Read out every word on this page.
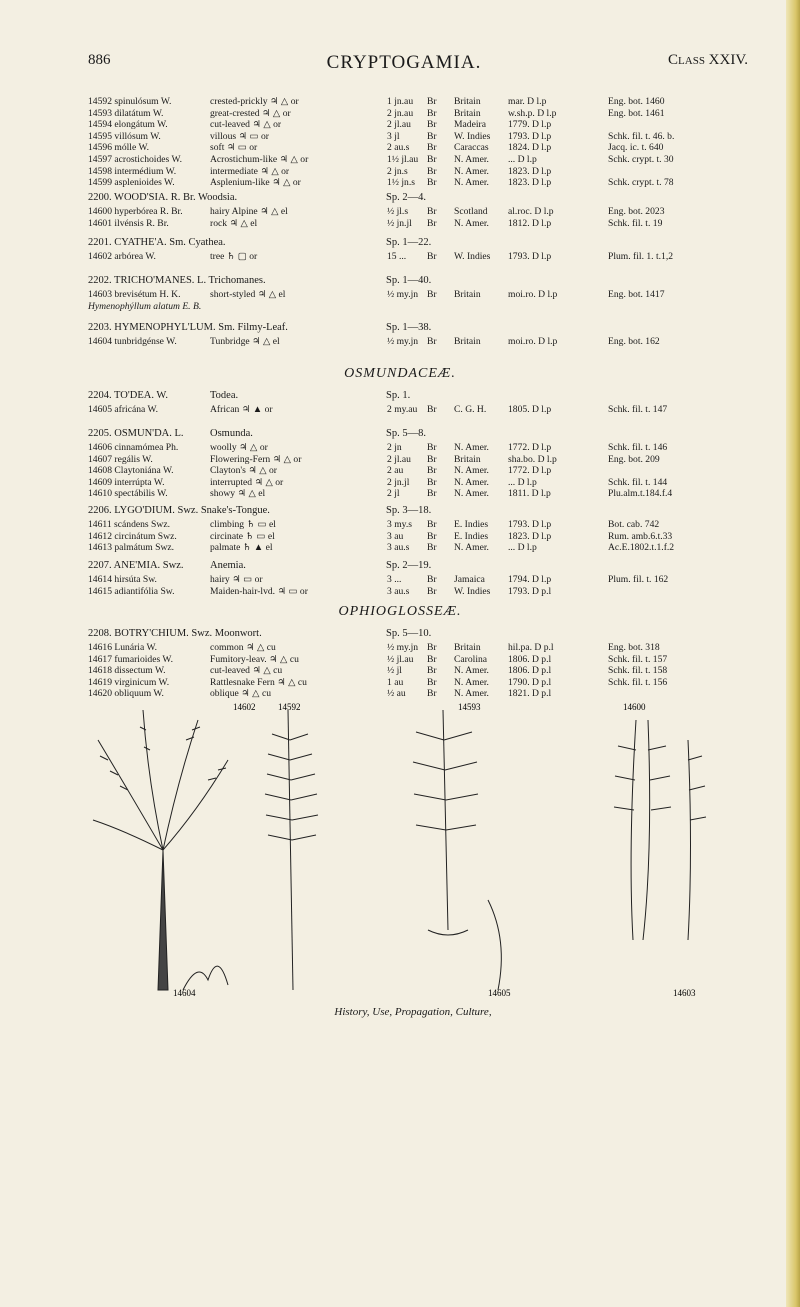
886	CRYPTOGAMIA.	Class XXIV.
14592 spinulósum W.	crested-prickly ♃ △ or	1 jn.au Br Britain	mar. D l.p	Eng. bot. 1460
14593 dilatátum W.	great-crested ♃ △ or	2 jn.au Br Britain	w.sh.p. D l.p	Eng. bot. 1461
14594 elongátum W.	cut-leaved ♃ △ or	2 jl.au Br Madeira 1779. D l.p
14595 villósum W.	villous ♃ ▭ or	3 jl	Br W. Indies 1793. D l.p	Schk. fil. t. 46. b.
14596 mólle W.	soft ♃ ▭ or	2 au.s Br Caraccas 1824. D l.p	Jacq. ic. t. 640
14597 acrostichoides W.	Acrostichum-like ♃ △ or	1½ jl.au Br N. Amer. ... D l.p	Schk. crypt. t. 30
14598 intermédium W.	intermediate ♃ △ or	2 jn.s Br N. Amer. 1823. D l.p
14599 asplenioides W.	Asplenium-like ♃ △ or	1½ jn.s Br N. Amer. 1823. D l.p	Schk. crypt. t. 78
2200. WOOD'SIA. R. Br. Woodsia.	Sp. 2—4.
14600 hyperbórea R. Br.	hairy Alpine ♃ △ el	½ jl.s Br Scotland al.roc. D l.p	Eng. bot. 2023
14601 ilvénsis R. Br.	rock ♃ △ el	½ jn.jl Br N. Amer. 1812. D l.p	Schk. fil. t. 19
2201. CYATHE'A. Sm. Cyathea.	Sp. 1—22.
14602 arbórea W.	tree ♄ ▢ or	15 ... Br W. Indies 1793. D l.p	Plum. fil. 1. t.1,2
2202. TRICHO'MANES. L. Trichomanes.	Sp. 1—40.
14603 brevisétum H. K.	short-styled ♃ △ el	½ my.jn Br Britain	moi.ro. D l.p	Eng. bot. 1417
Hymenophýllum alatum E. B.
2203. HYMENOPHYL'LUM. Sm. Filmy-Leaf.	Sp. 1—38.
14604 tunbridgénse W.	Tunbridge ♃ △ el	½ my.jn Br Britain	moi.ro. D l.p	Eng. bot. 162
OSMUNDACEÆ.
2204. TO'DEA. W.	Todea.	Sp. 1.
14605 africána W.	African ♃ ▲ or	2 my.au Br C. G. H. 1805. D l.p	Schk. fil. t. 147
2205. OSMUN'DA. L.	Osmunda.	Sp. 5—8.
14606 cinnamómea Ph.	woolly ♃ △ or	2 jn	Br N. Amer. 1772. D l.p	Schk. fil. t. 146
14607 regális W.	Flowering-Fern ♃ △ or	2 jl.au Br Britain	sha.bo. D l.p	Eng. bot. 209
14608 Claytoniána W.	Clayton's ♃ △ or	2 au Br N. Amer. 1772. D l.p
14609 interrúpta W.	interrupted ♃ △ or	2 jn.jl Br N. Amer. ... D l.p	Schk. fil. t. 144
14610 spectábilis W.	showy ♃ △ el	2 jl	Br N. Amer. 1811. D l.p	Plu.alm.t.184.f.4
2206. LYGO'DIUM. Swz. Snake's-Tongue.	Sp. 3—18.
14611 scándens Swz.	climbing ♄ ▭ el	3 my.s Br E. Indies 1793. D l.p	Bot. cab. 742
14612 circinátum Swz.	circinate ♄ ▭ el	3 au Br E. Indies 1823. D l.p	Rum. amb.6.t.33
14613 palmátum Swz.	palmate ♄ ▲ el	3 au.s Br N. Amer. ... D l.p	Ac.E.1802.t.1.f.2
2207. ANE'MIA. Swz.	Anemia.	Sp. 2—19.
14614 hirsúta Sw.	hairy ♃ ▭ or	3 ...	Br Jamaica 1794. D l.p	Plum. fil. t. 162
14615 adiantifólia Sw.	Maiden-hair-lvd. ♃ ▭ or	3 au.s Br W. Indies 1793. D p.l
OPHIOGLOSSEÆ.
2208. BOTRY'CHIUM. Swz. Moonwort.	Sp. 5—10.
14616 Lunária W.	common ♃ △ cu	½ my.jn Br Britain	hil.pa. D p.l	Eng. bot. 318
14617 fumarioides W.	Fumitory-leav. ♃ △ cu	½ jl.au Br Carolina 1806. D p.l	Schk. fil. t. 157
14618 dissectum W.	cut-leaved ♃ △ cu	½ jl	Br N. Amer. 1806. D p.l	Schk. fil. t. 158
14619 virginicum W.	Rattlesnake Fern ♃ △ cu	1 au Br N. Amer. 1790. D p.l	Schk. fil. t. 156
14620 obliquum W.	oblique ♃ △ cu	½ au Br N. Amer. 1821. D p.l
14602	14592	14593	14600
14604	14605	14603
History, Use, Propagation, Culture,
